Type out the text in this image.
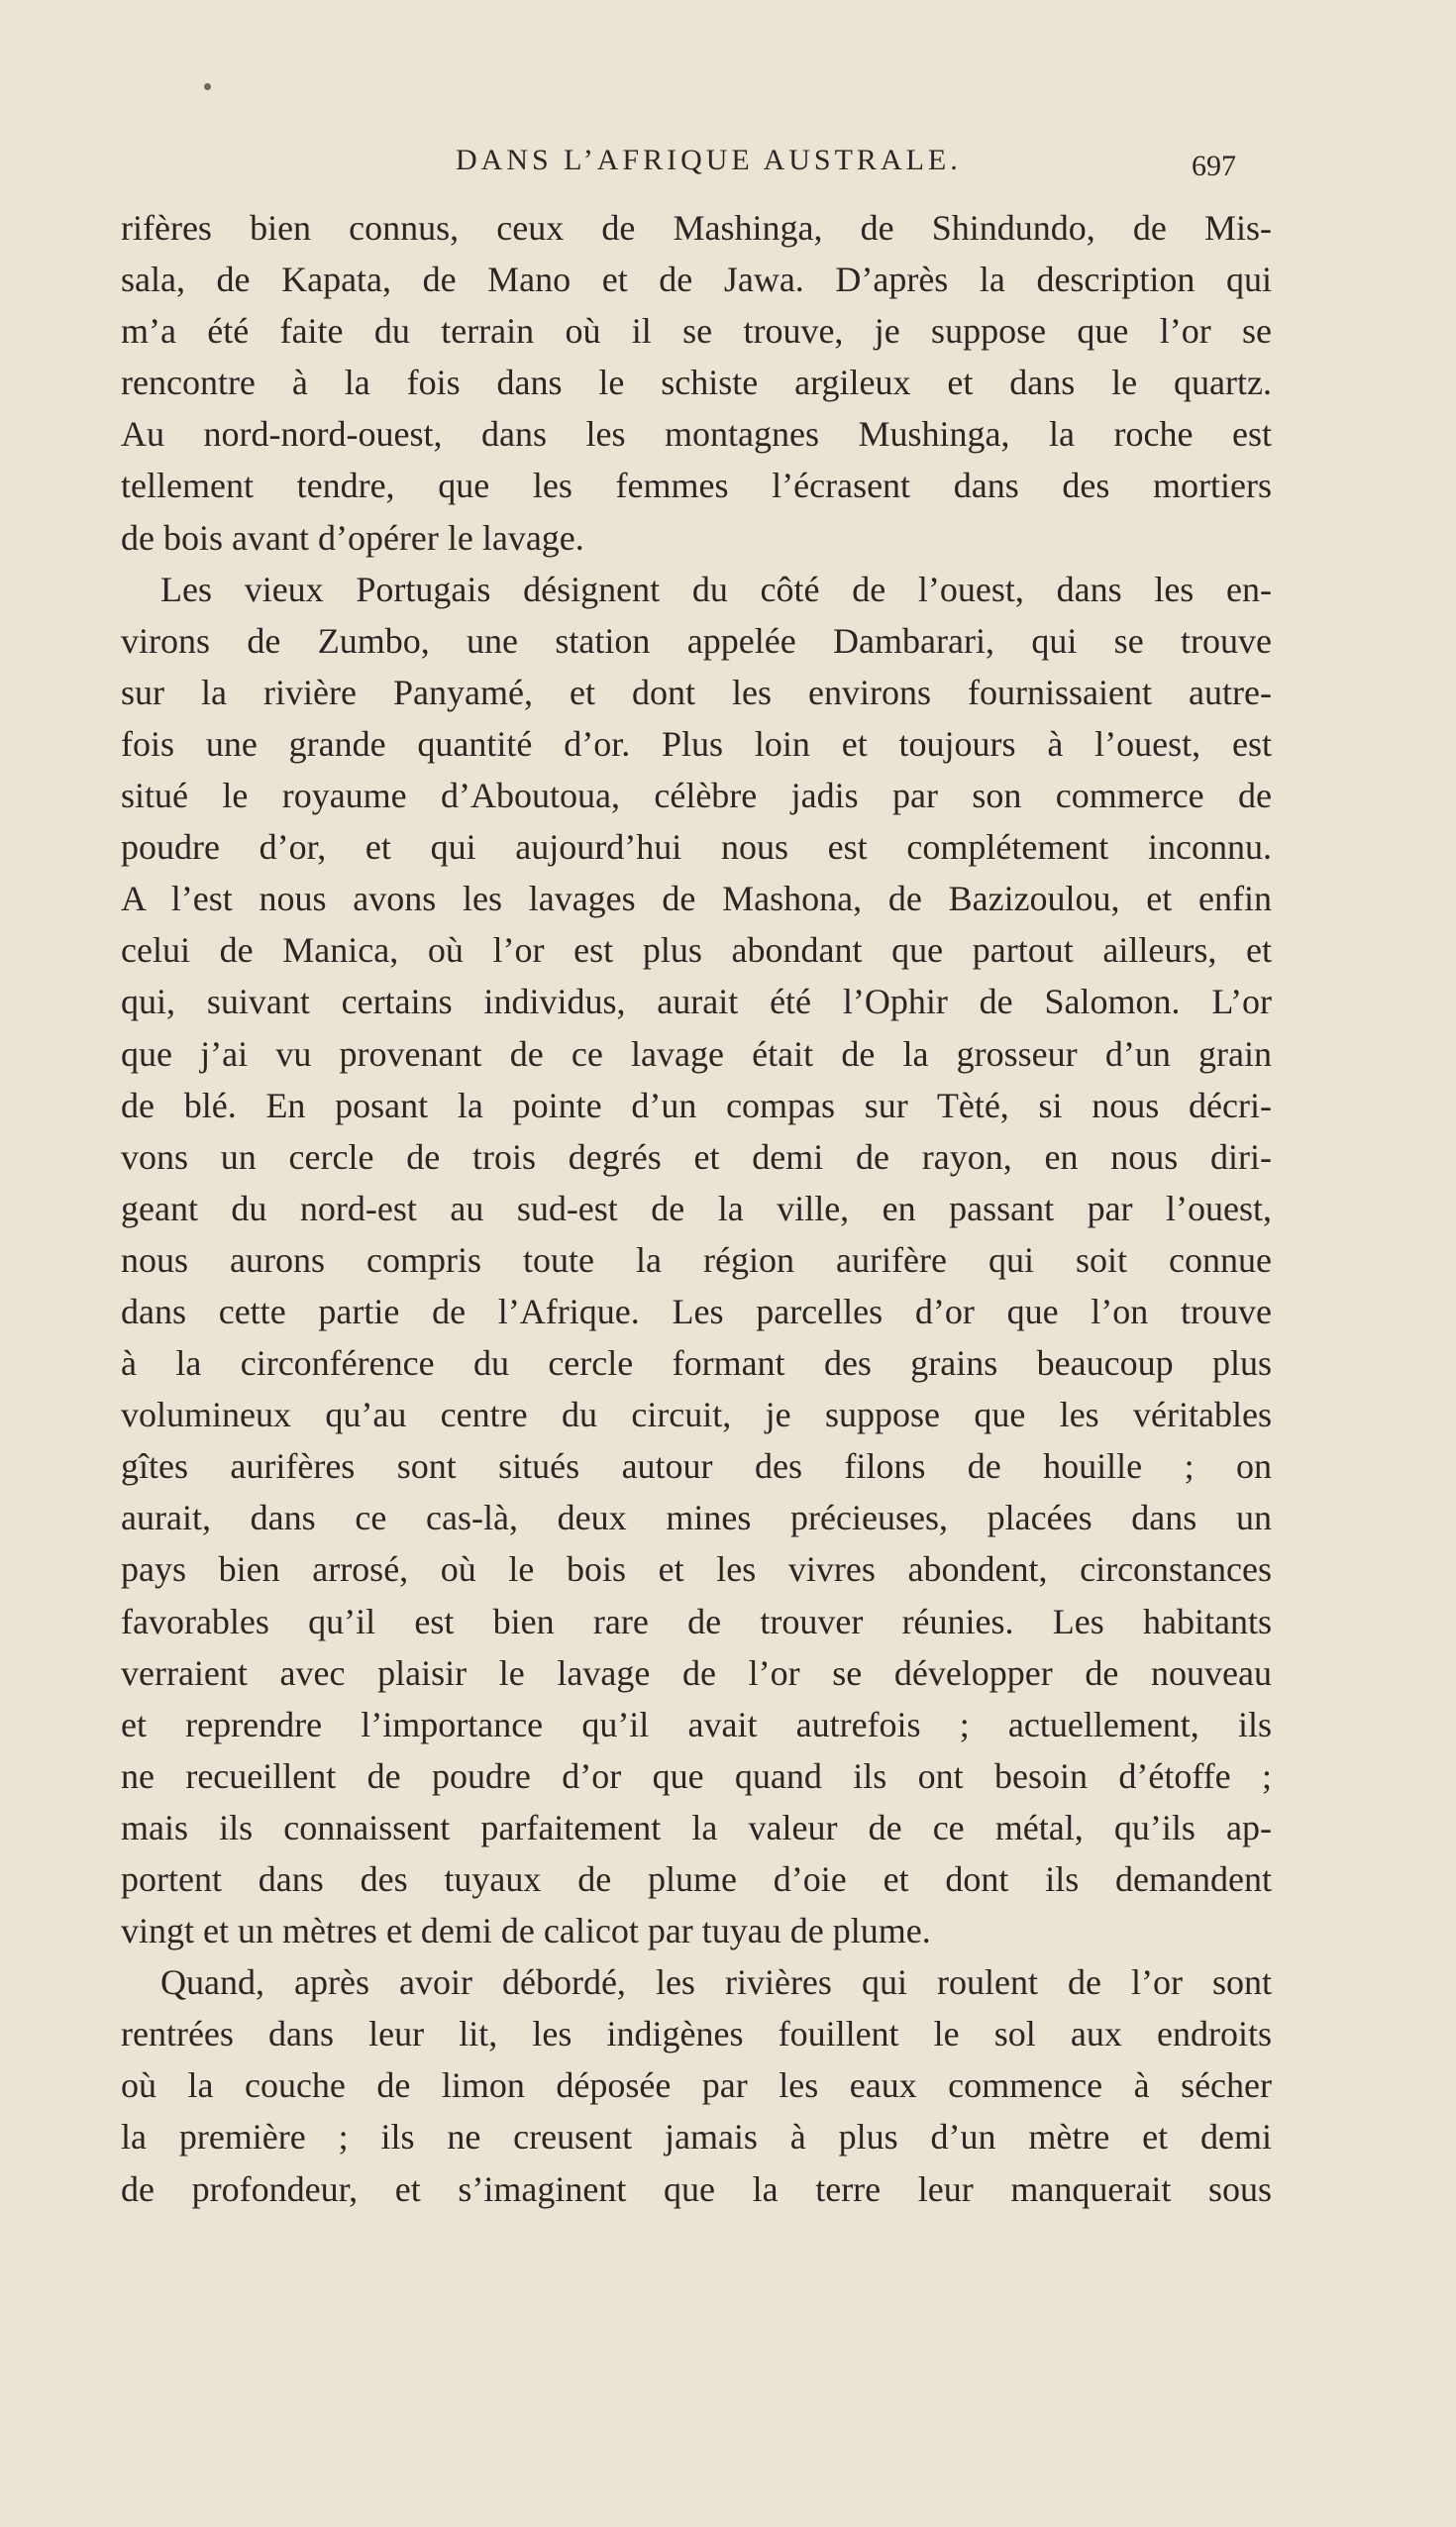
DANS L’AFRIQUE AUSTRALE.	697
rifères bien connus, ceux de Mashinga, de Shindundo, de Mis-
sala, de Kapata, de Mano et de Jawa. D’après la description qui
m’a été faite du terrain où il se trouve, je suppose que l’or se
rencontre à la fois dans le schiste argileux et dans le quartz.
Au nord-nord-ouest, dans les montagnes Mushinga, la roche est
tellement tendre, que les femmes l’écrasent dans des mortiers
de bois avant d’opérer le lavage.
Les vieux Portugais désignent du côté de l’ouest, dans les en-
virons de Zumbo, une station appelée Dambarari, qui se trouve
sur la rivière Panyamé, et dont les environs fournissaient autre-
fois une grande quantité d’or. Plus loin et toujours à l’ouest, est
situé le royaume d’Aboutoua, célèbre jadis par son commerce de
poudre d’or, et qui aujourd’hui nous est complétement inconnu.
A l’est nous avons les lavages de Mashona, de Bazizoulou, et enfin
celui de Manica, où l’or est plus abondant que partout ailleurs, et
qui, suivant certains individus, aurait été l’Ophir de Salomon. L’or
que j’ai vu provenant de ce lavage était de la grosseur d’un grain
de blé. En posant la pointe d’un compas sur Tèté, si nous décri-
vons un cercle de trois degrés et demi de rayon, en nous diri-
geant du nord-est au sud-est de la ville, en passant par l’ouest,
nous aurons compris toute la région aurifère qui soit connue
dans cette partie de l’Afrique. Les parcelles d’or que l’on trouve
à la circonférence du cercle formant des grains beaucoup plus
volumineux qu’au centre du circuit, je suppose que les véritables
gîtes aurifères sont situés autour des filons de houille ; on
aurait, dans ce cas-là, deux mines précieuses, placées dans un
pays bien arrosé, où le bois et les vivres abondent, circonstances
favorables qu’il est bien rare de trouver réunies. Les habitants
verraient avec plaisir le lavage de l’or se développer de nouveau
et reprendre l’importance qu’il avait autrefois ; actuellement, ils
ne recueillent de poudre d’or que quand ils ont besoin d’étoffe ;
mais ils connaissent parfaitement la valeur de ce métal, qu’ils ap-
portent dans des tuyaux de plume d’oie et dont ils demandent
vingt et un mètres et demi de calicot par tuyau de plume.
Quand, après avoir débordé, les rivières qui roulent de l’or sont
rentrées dans leur lit, les indigènes fouillent le sol aux endroits
où la couche de limon déposée par les eaux commence à sécher
la première ; ils ne creusent jamais à plus d’un mètre et demi
de profondeur, et s’imaginent que la terre leur manquerait sous
